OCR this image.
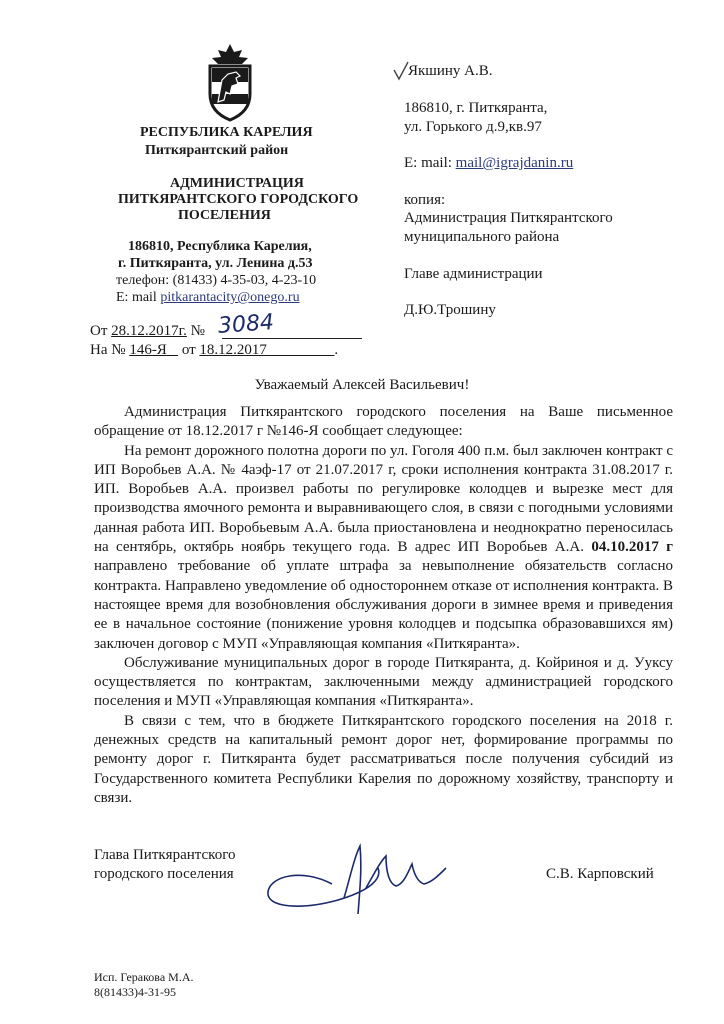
РЕСПУБЛИКА КАРЕЛИЯ
Питкярантский район
АДМИНИСТРАЦИЯ
ПИТКЯРАНТСКОГО ГОРОДСКОГО
ПОСЕЛЕНИЯ
186810, Республика Карелия,
г. Питкяранта, ул. Ленина д.53
телефон: (81433) 4-35-03, 4-23-10
E: mail pitkarantacity@onego.ru
От 28.12.2017г. № 3084
На № 146-Я от 18.12.2017	.
Якшину А.В.
186810, г. Питкяранта,
ул. Горького д.9,кв.97
E: mail: mail@igrajdanin.ru
копия:
Администрация Питкярантского
муниципального района
Главе администрации
Д.Ю.Трошину
Уважаемый Алексей Васильевич!

Администрация Питкярантского городского поселения на Ваше письменное обращение от 18.12.2017 г №146-Я сообщает следующее:

На ремонт дорожного полотна дороги по ул. Гоголя 400 п.м. был заключен контракт с ИП Воробьев А.А. № 4аэф-17 от 21.07.2017 г, сроки исполнения контракта 31.08.2017 г. ИП. Воробьев А.А. произвел работы по регулировке колодцев и вырезке мест для производства ямочного ремонта и выравнивающего слоя, в связи с погодными условиями данная работа ИП. Воробьевым А.А. была приостановлена и неоднократно переносилась на сентябрь, октябрь ноябрь текущего года. В адрес ИП Воробьев А.А. 04.10.2017 г направлено требование об уплате штрафа за невыполнение обязательств согласно контракта. Направлено уведомление об одностороннем отказе от исполнения контракта. В настоящее время для возобновления обслуживания дороги в зимнее время и приведения ее в начальное состояние (понижение уровня колодцев и подсыпка образовавшихся ям) заключен договор с МУП «Управляющая компания «Питкяранта».

Обслуживание муниципальных дорог в городе Питкяранта, д. Койриноя и д. Ууксу осуществляется по контрактам, заключенными между администрацией городского поселения и МУП «Управляющая компания «Питкяранта».

В связи с тем, что в бюджете Питкярантского городского поселения на 2018 г. денежных средств на капитальный ремонт дорог нет, формирование программы по ремонту дорог г. Питкяранта будет рассматриваться после получения субсидий из Государственного комитета Республики Карелия по дорожному хозяйству, транспорту и связи.

Глава Питкярантского
городского поселения	С.В. Карповский
Исп. Геракова М.А.
8(81433)4-31-95
